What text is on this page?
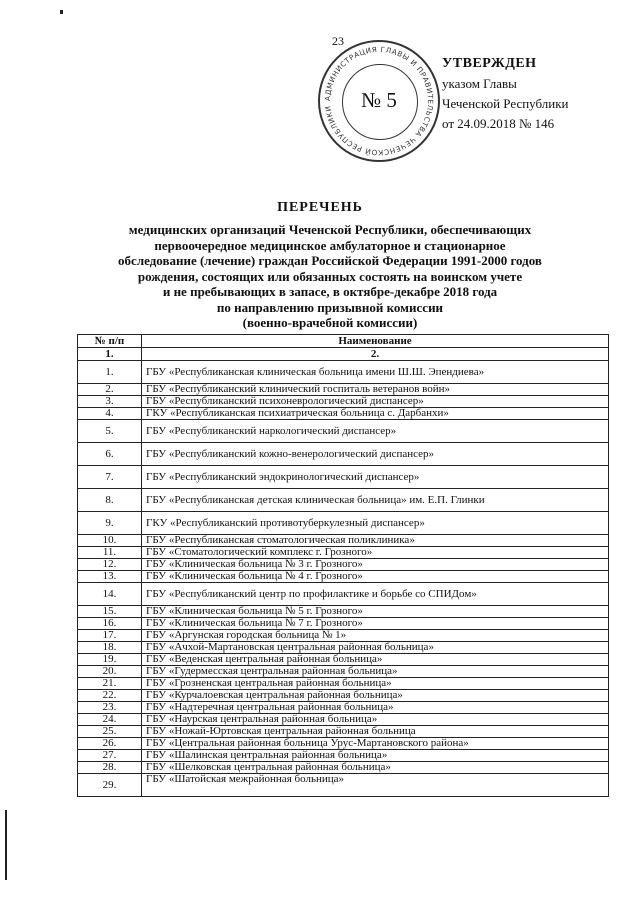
23
АДМИНИСТРАЦИЯ ГЛАВЫ И ПРАВИТЕЛЬСТВА ЧЕЧЕНСКОЙ РЕСПУБЛИКИ	№ 5
УТВЕРЖДЕН
указом Главы
Чеченской Республики
от 24.09.2018 № 146
ПЕРЕЧЕНЬ
медицинских организаций Чеченской Республики, обеспечивающих
первоочередное медицинское амбулаторное и стационарное
обследование (лечение) граждан Российской Федерации 1991-2000 годов
рождения, состоящих или обязанных состоять на воинском учете
и не пребывающих в запасе, в октябре-декабре 2018 года
по направлению призывной комиссии
(военно-врачебной комиссии)
№ п/п	Наименование
1.	2.
1.	ГБУ «Республиканская клиническая больница имени Ш.Ш. Эпендиева»
2.	ГБУ «Республиканский клинический госпиталь ветеранов войн»
3.	ГБУ «Республиканский психоневрологический диспансер»
4.	ГКУ «Республиканская психиатрическая больница с. Дарбанхи»
5.	ГБУ «Республиканский наркологический диспансер»
6.	ГБУ «Республиканский кожно-венерологический диспансер»
7.	ГБУ «Республиканский эндокринологический диспансер»
8.	ГБУ «Республиканская детская клиническая больница» им. Е.П. Глинки
9.	ГКУ «Республиканский противотуберкулезный диспансер»
10.	ГБУ «Республиканская стоматологическая поликлиника»
11.	ГБУ «Стоматологический комплекс г. Грозного»
12.	ГБУ «Клиническая больница № 3 г. Грозного»
13.	ГБУ «Клиническая больница № 4 г. Грозного»
14.	ГБУ «Республиканский центр по профилактике и борьбе со СПИДом»
15.	ГБУ «Клиническая больница № 5 г. Грозного»
16.	ГБУ «Клиническая больница № 7 г. Грозного»
17.	ГБУ «Аргунская городская больница № 1»
18.	ГБУ «Ачхой-Мартановская центральная районная больница»
19.	ГБУ «Веденская центральная районная больница»
20.	ГБУ «Гудермесская центральная районная больница»
21.	ГБУ «Грозненская центральная районная больница»
22.	ГБУ «Курчалоевская центральная районная больница»
23.	ГБУ «Надтеречная центральная районная больница»
24.	ГБУ «Наурская центральная районная больница»
25.	ГБУ «Ножай-Юртовская центральная районная больница
26.	ГБУ «Центральная районная больница Урус-Мартановского района»
27.	ГБУ «Шалинская центральная районная больница»
28.	ГБУ «Шелковская центральная районная больница»
29.	ГБУ «Шатойская межрайонная больница»
